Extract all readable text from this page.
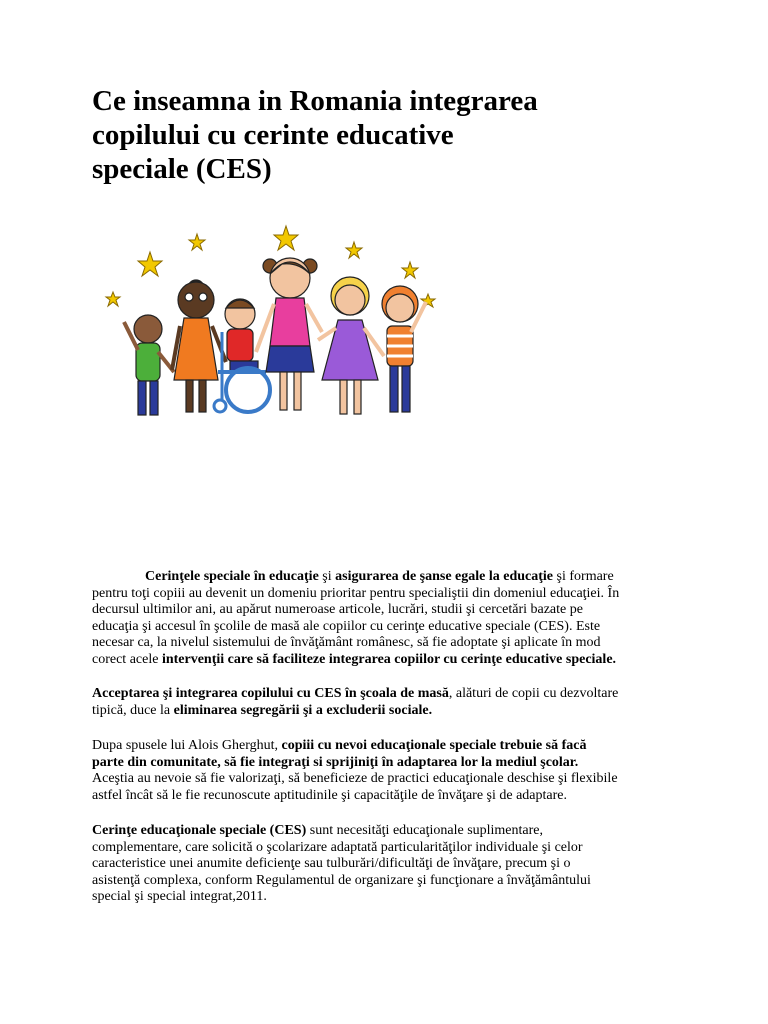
Ce inseamna in Romania integrarea
copilului cu cerinte educative
speciale (CES)
Cerinţele speciale în educaţie şi asigurarea de şanse egale la educaţie şi formare
pentru toţi copiii au devenit un domeniu prioritar pentru specialiştii din domeniul educaţiei. În
decursul ultimilor ani, au apărut numeroase articole, lucrări, studii şi cercetări bazate pe
educaţia şi accesul în şcolile de masă ale copiilor cu cerinţe educative speciale (CES). Este
necesar ca, la nivelul sistemului de învăţământ românesc, să fie adoptate şi aplicate în mod
corect acele intervenţii care să faciliteze integrarea copiilor cu cerinţe educative speciale.
Acceptarea şi integrarea copilului cu CES în şcoala de masă, alături de copii cu dezvoltare
tipică, duce la eliminarea segregării şi a excluderii sociale.
Dupa spusele lui Alois Gherghut, copiii cu nevoi educaţionale speciale trebuie să facă
parte din comunitate, să fie integraţi si sprijiniţi în adaptarea lor la mediul şcolar.
Aceştia au nevoie să fie valorizaţi, să beneficieze de practici educaţionale deschise şi flexibile
astfel încât să le fie recunoscute aptitudinile şi capacităţile de învăţare şi de adaptare.
Cerinţe educaţionale speciale (CES) sunt necesităţi educaţionale suplimentare,
complementare, care solicită o şcolarizare adaptată particularităţilor individuale şi celor
caracteristice unei anumite deficienţe sau tulburări/dificultăţi de învăţare, precum şi o
asistenţă complexa, conform Regulamentul de organizare şi funcţionare a învăţământului
special şi special integrat,2011.
